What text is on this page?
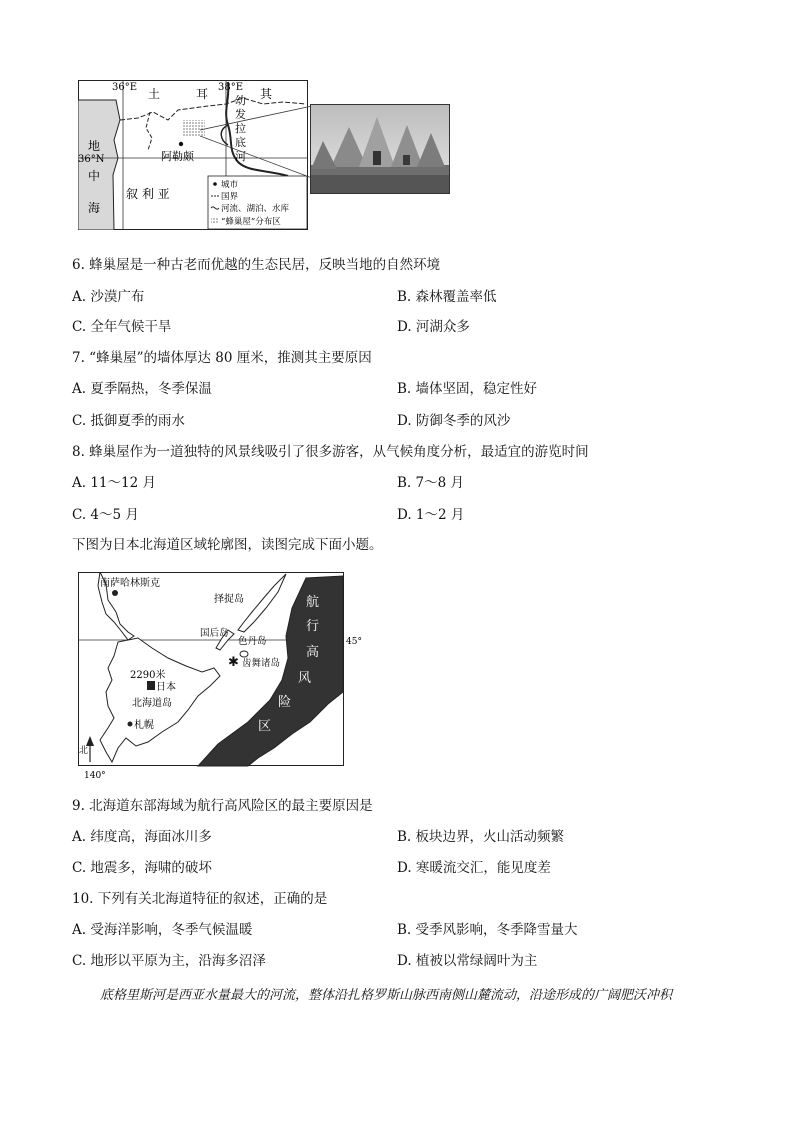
36°E	38°E
36°N
土	耳	其
幼
发
拉
底
河
地
中
海
阿勒颇
叙 利 亚
城市
国界
河流、湖泊、水库
“蜂巢屋”分布区
6. 蜂巢屋是一种古老而优越的生态民居，反映当地的自然环境
A. 沙漠广布	B. 森林覆盖率低
C. 全年气候干旱	D. 河湖众多
7. “蜂巢屋”的墙体厚达 80 厘米，推测其主要原因
A. 夏季隔热，冬季保温	B. 墙体坚固，稳定性好
C. 抵御夏季的雨水	D. 防御冬季的风沙
8. 蜂巢屋作为一道独特的风景线吸引了很多游客，从气候角度分析，最适宜的游览时间
A. 11～12 月	B. 7～8 月
C. 4～5 月	D. 1～2 月
下图为日本北海道区域轮廓图，读图完成下面小题。
✱
南萨哈林斯克
择捉岛
国后岛
色丹岛
齿舞诸岛
2290米
日本
北海道岛
札幌
北
45°
140°
航
行
高
风
险
区
9. 北海道东部海域为航行高风险区的最主要原因是
A. 纬度高，海面冰川多	B. 板块边界，火山活动频繁
C. 地震多，海啸的破坏	D. 寒暖流交汇，能见度差
10. 下列有关北海道特征的叙述，正确的是
A. 受海洋影响，冬季气候温暖	B. 受季风影响，冬季降雪量大
C. 地形以平原为主，沿海多沼泽	D. 植被以常绿阔叶为主
底格里斯河是西亚水量最大的河流，整体沿扎格罗斯山脉西南侧山麓流动，沿途形成的广阔肥沃冲积
